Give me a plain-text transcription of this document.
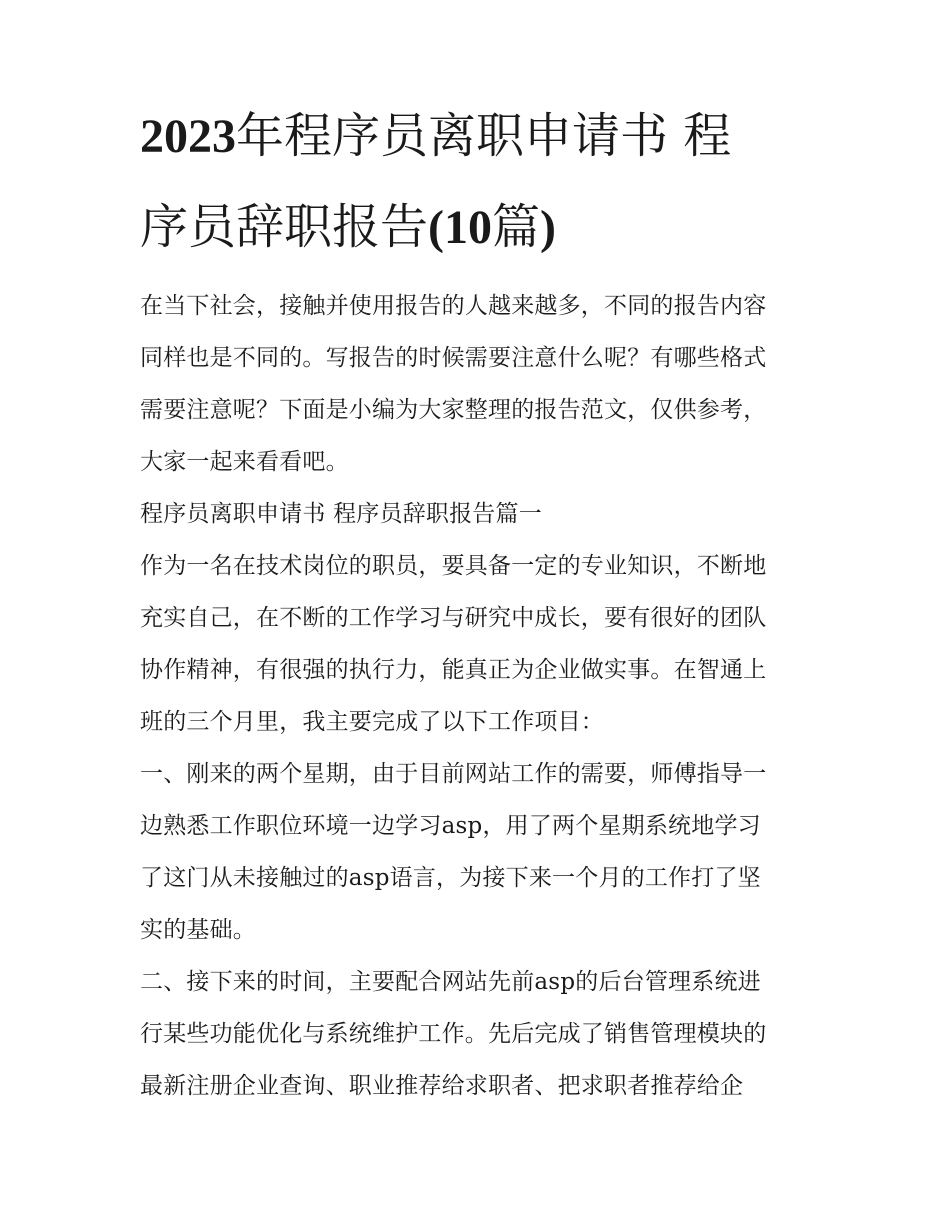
2023年程序员离职申请书 程
序员辞职报告(10篇)
在当下社会，接触并使用报告的人越来越多，不同的报告内容
同样也是不同的。写报告的时候需要注意什么呢？有哪些格式
需要注意呢？下面是小编为大家整理的报告范文，仅供参考，
大家一起来看看吧。
程序员离职申请书 程序员辞职报告篇一
作为一名在技术岗位的职员，要具备一定的专业知识，不断地
充实自己，在不断的工作学习与研究中成长，要有很好的团队
协作精神，有很强的执行力，能真正为企业做实事。在智通上
班的三个月里，我主要完成了以下工作项目：
一、刚来的两个星期，由于目前网站工作的需要，师傅指导一
边熟悉工作职位环境一边学习asp，用了两个星期系统地学习
了这门从未接触过的asp语言，为接下来一个月的工作打了坚
实的基础。
二、接下来的时间，主要配合网站先前asp的后台管理系统进
行某些功能优化与系统维护工作。先后完成了销售管理模块的
最新注册企业查询、职业推荐给求职者、把求职者推荐给企
